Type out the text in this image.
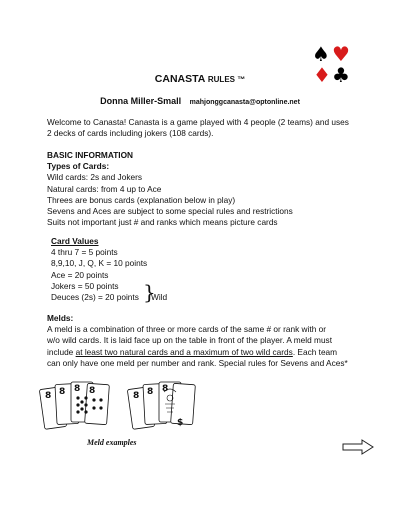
♠ ♥
♦ ♣
CANASTA RULES ™
Donna Miller-Small mahjonggcanasta@optonline.net
Welcome to Canasta! Canasta is a game played with 4 people (2 teams) and uses
2 decks of cards including jokers (108 cards).
BASIC INFORMATION
Types of Cards:
Wild cards: 2s and Jokers
Natural cards: from 4 up to Ace
Threes are bonus cards (explanation below in play)
Sevens and Aces are subject to some special rules and restrictions
Suits not important just # and ranks which means picture cards
Card Values
4 thru 7 = 5 points
8,9,10, J, Q, K = 10 points
Ace = 20 points
Jokers = 50 points
Deuces (2s) = 20 points }
Wild
Melds:
A meld is a combination of three or more cards of the same # or rank with or
w/o wild cards. It is laid face up on the table in front of the player. A meld must
include at least two natural cards and a maximum of two wild cards. Each team
can only have one meld per number and rank. Special rules for Sevens and Aces*
8 8 8 8	8 8 8
$
Meld examples
